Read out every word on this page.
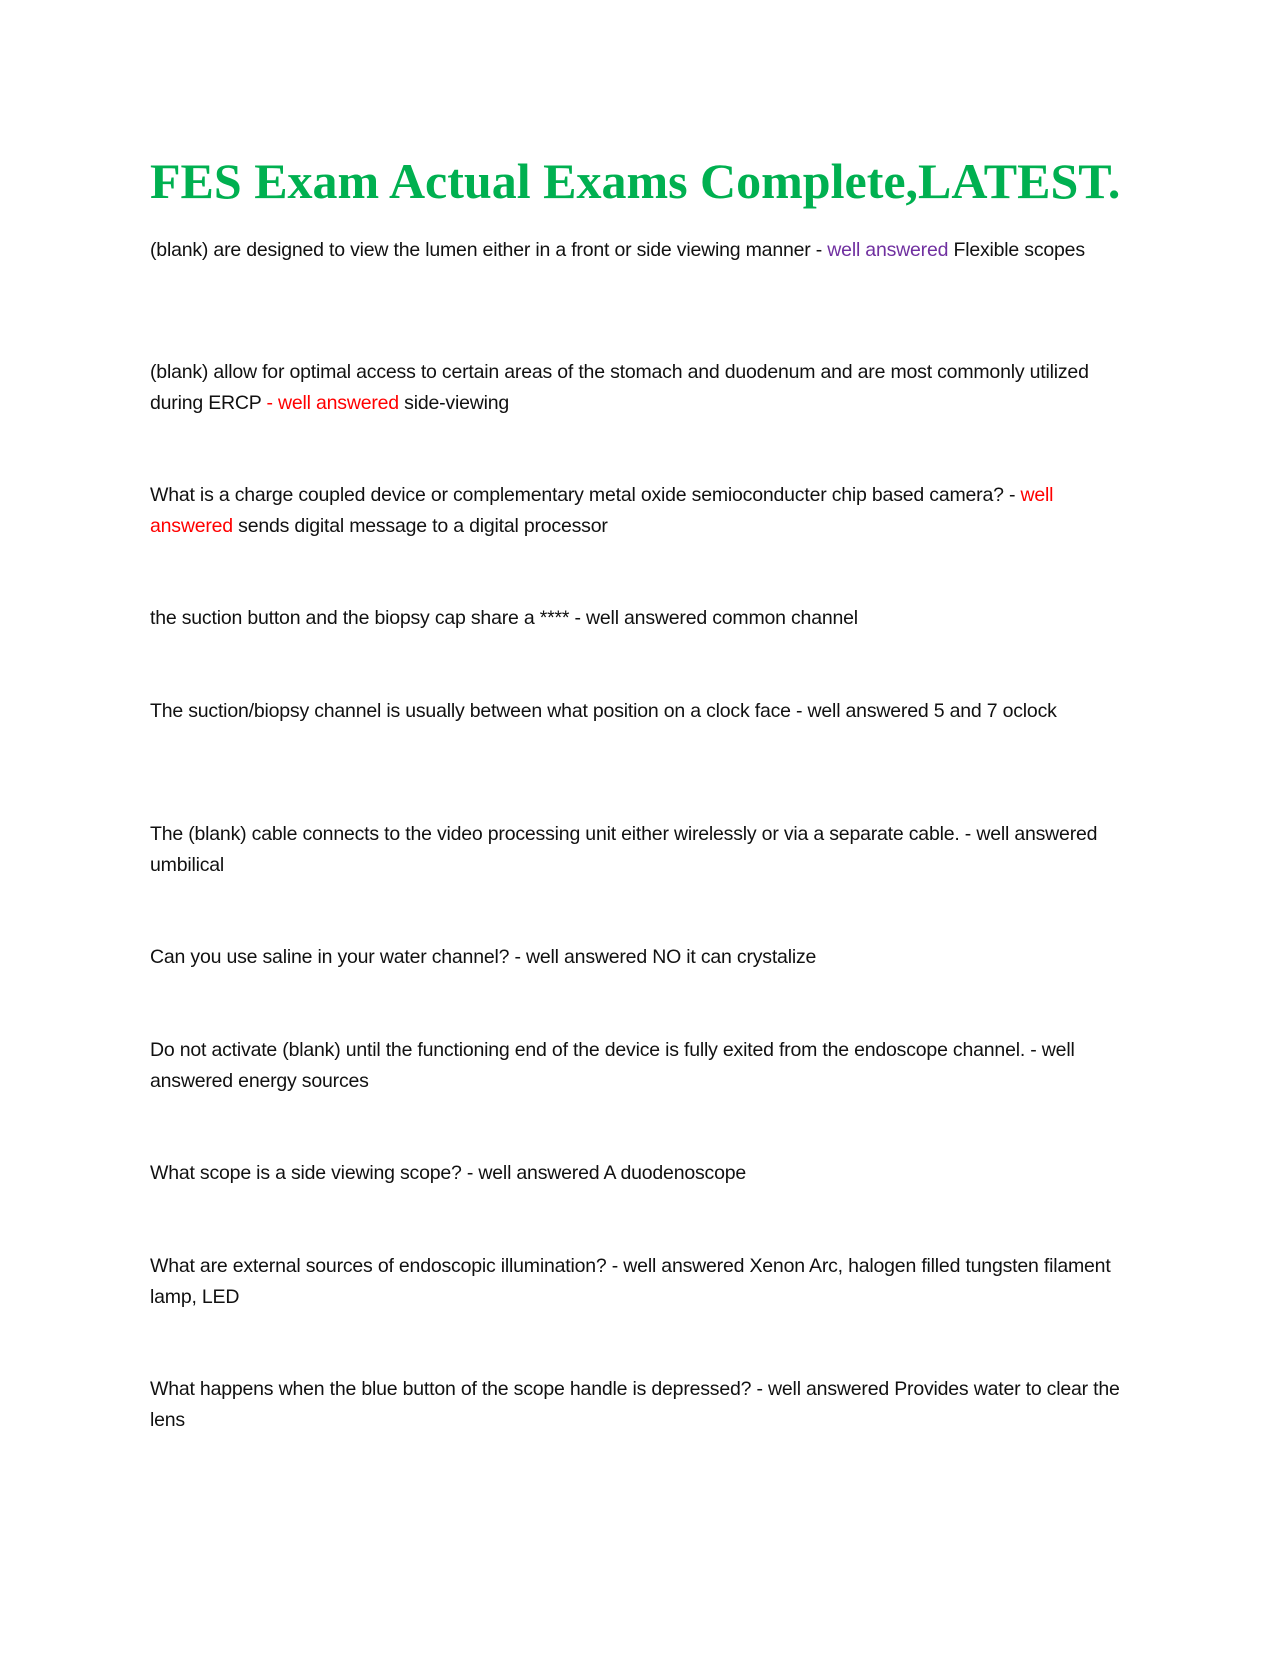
FES Exam Actual Exams Complete,LATEST.

(blank) are designed to view the lumen either in a front or side viewing manner - well answered Flexible scopes

(blank) allow for optimal access to certain areas of the stomach and duodenum and are most commonly utilized during ERCP - well answered side-viewing

What is a charge coupled device or complementary metal oxide semioconducter chip based camera? - well answered sends digital message to a digital processor

the suction button and the biopsy cap share a **** - well answered common channel

The suction/biopsy channel is usually between what position on a clock face - well answered 5 and 7 oclock

The (blank) cable connects to the video processing unit either wirelessly or via a separate cable. - well answered umbilical

Can you use saline in your water channel? - well answered NO it can crystalize

Do not activate (blank) until the functioning end of the device is fully exited from the endoscope channel. - well answered energy sources

What scope is a side viewing scope? - well answered A duodenoscope

What are external sources of endoscopic illumination? - well answered Xenon Arc, halogen filled tungsten filament lamp, LED

What happens when the blue button of the scope handle is depressed? - well answered Provides water to clear the lens
